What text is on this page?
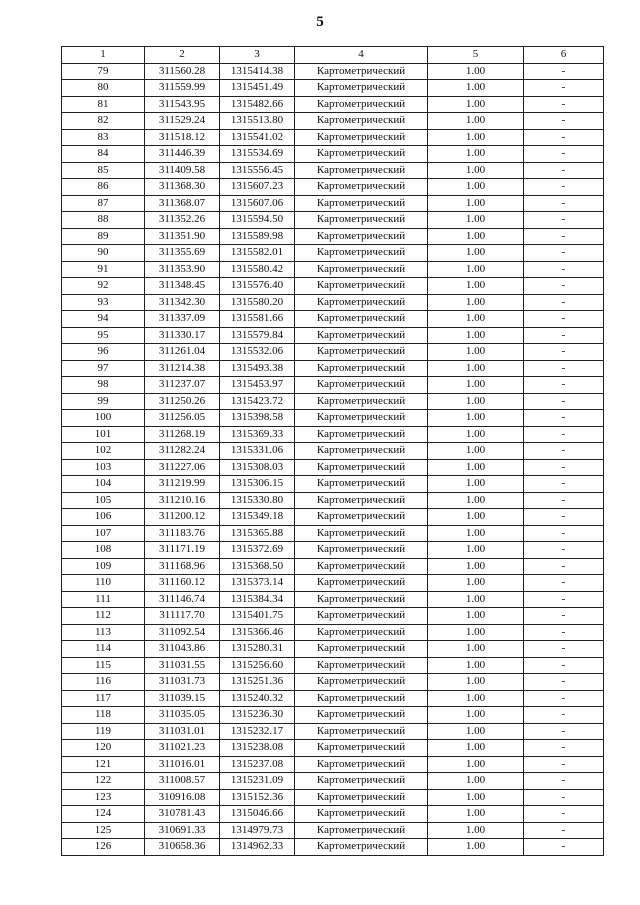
5
1	2	3	4	5	6
79	311560.28	1315414.38	Картометрический	1.00	-
80	311559.99	1315451.49	Картометрический	1.00	-
81	311543.95	1315482.66	Картометрический	1.00	-
82	311529.24	1315513.80	Картометрический	1.00	-
83	311518.12	1315541.02	Картометрический	1.00	-
84	311446.39	1315534.69	Картометрический	1.00	-
85	311409.58	1315556.45	Картометрический	1.00	-
86	311368.30	1315607.23	Картометрический	1.00	-
87	311368.07	1315607.06	Картометрический	1.00	-
88	311352.26	1315594.50	Картометрический	1.00	-
89	311351.90	1315589.98	Картометрический	1.00	-
90	311355.69	1315582.01	Картометрический	1.00	-
91	311353.90	1315580.42	Картометрический	1.00	-
92	311348.45	1315576.40	Картометрический	1.00	-
93	311342.30	1315580.20	Картометрический	1.00	-
94	311337.09	1315581.66	Картометрический	1.00	-
95	311330.17	1315579.84	Картометрический	1.00	-
96	311261.04	1315532.06	Картометрический	1.00	-
97	311214.38	1315493.38	Картометрический	1.00	-
98	311237.07	1315453.97	Картометрический	1.00	-
99	311250.26	1315423.72	Картометрический	1.00	-
100	311256.05	1315398.58	Картометрический	1.00	-
101	311268.19	1315369.33	Картометрический	1.00	-
102	311282.24	1315331.06	Картометрический	1.00	-
103	311227.06	1315308.03	Картометрический	1.00	-
104	311219.99	1315306.15	Картометрический	1.00	-
105	311210.16	1315330.80	Картометрический	1.00	-
106	311200.12	1315349.18	Картометрический	1.00	-
107	311183.76	1315365.88	Картометрический	1.00	-
108	311171.19	1315372.69	Картометрический	1.00	-
109	311168.96	1315368.50	Картометрический	1.00	-
110	311160.12	1315373.14	Картометрический	1.00	-
111	311146.74	1315384.34	Картометрический	1.00	-
112	311117.70	1315401.75	Картометрический	1.00	-
113	311092.54	1315366.46	Картометрический	1.00	-
114	311043.86	1315280.31	Картометрический	1.00	-
115	311031.55	1315256.60	Картометрический	1.00	-
116	311031.73	1315251.36	Картометрический	1.00	-
117	311039.15	1315240.32	Картометрический	1.00	-
118	311035.05	1315236.30	Картометрический	1.00	-
119	311031.01	1315232.17	Картометрический	1.00	-
120	311021.23	1315238.08	Картометрический	1.00	-
121	311016.01	1315237.08	Картометрический	1.00	-
122	311008.57	1315231.09	Картометрический	1.00	-
123	310916.08	1315152.36	Картометрический	1.00	-
124	310781.43	1315046.66	Картометрический	1.00	-
125	310691.33	1314979.73	Картометрический	1.00	-
126	310658.36	1314962.33	Картометрический	1.00	-
